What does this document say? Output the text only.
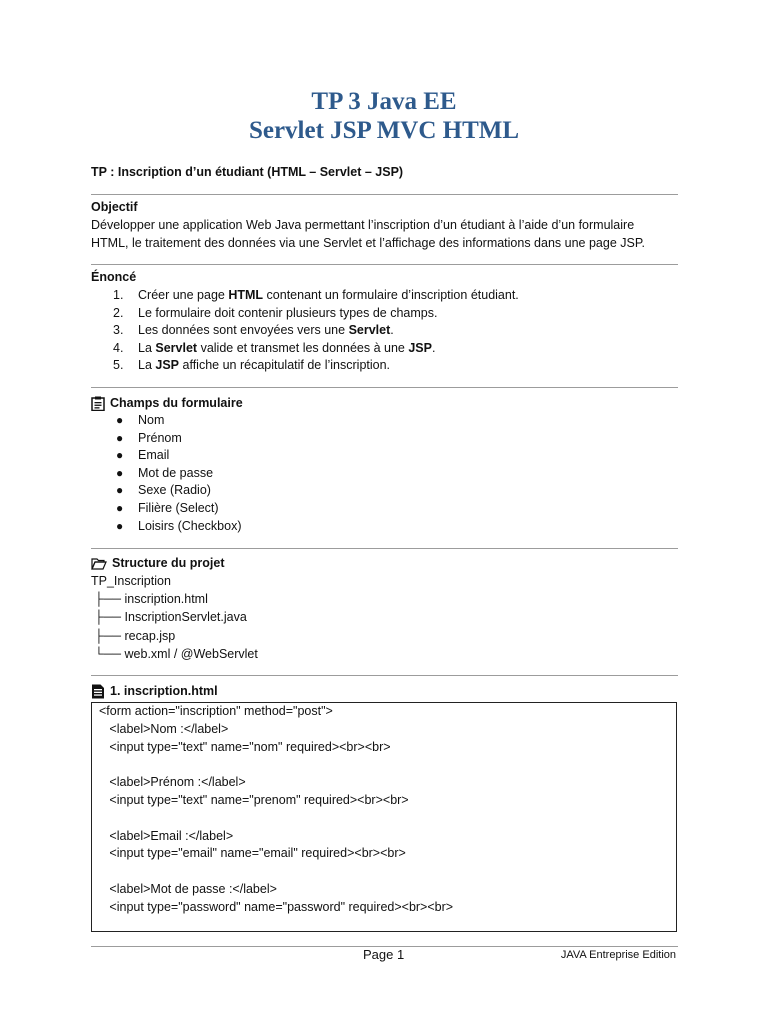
TP 3 Java EE
Servlet JSP MVC HTML
TP : Inscription d’un étudiant (HTML – Servlet – JSP)
Objectif
Développer une application Web Java permettant l’inscription d’un étudiant à l’aide d’un formulaire
HTML, le traitement des données via une Servlet et l’affichage des informations dans une page JSP.
Énoncé
1. Créer une page HTML contenant un formulaire d’inscription étudiant.
2. Le formulaire doit contenir plusieurs types de champs.
3. Les données sont envoyées vers une Servlet.
4. La Servlet valide et transmet les données à une JSP.
5. La JSP affiche un récapitulatif de l’inscription.
Champs du formulaire
● Nom
● Prénom
● Email
● Mot de passe
● Sexe (Radio)
● Filière (Select)
● Loisirs (Checkbox)
Structure du projet
TP_Inscription
├── inscription.html
├── InscriptionServlet.java
├── recap.jsp
└── web.xml / @WebServlet
1. inscription.html
<form action="inscription" method="post">
<label>Nom :</label>
<input type="text" name="nom" required><br><br>
<label>Prénom :</label>
<input type="text" name="prenom" required><br><br>
<label>Email :</label>
<input type="email" name="email" required><br><br>
<label>Mot de passe :</label>
<input type="password" name="password" required><br><br>
Page 1	JAVA Entreprise Edition
